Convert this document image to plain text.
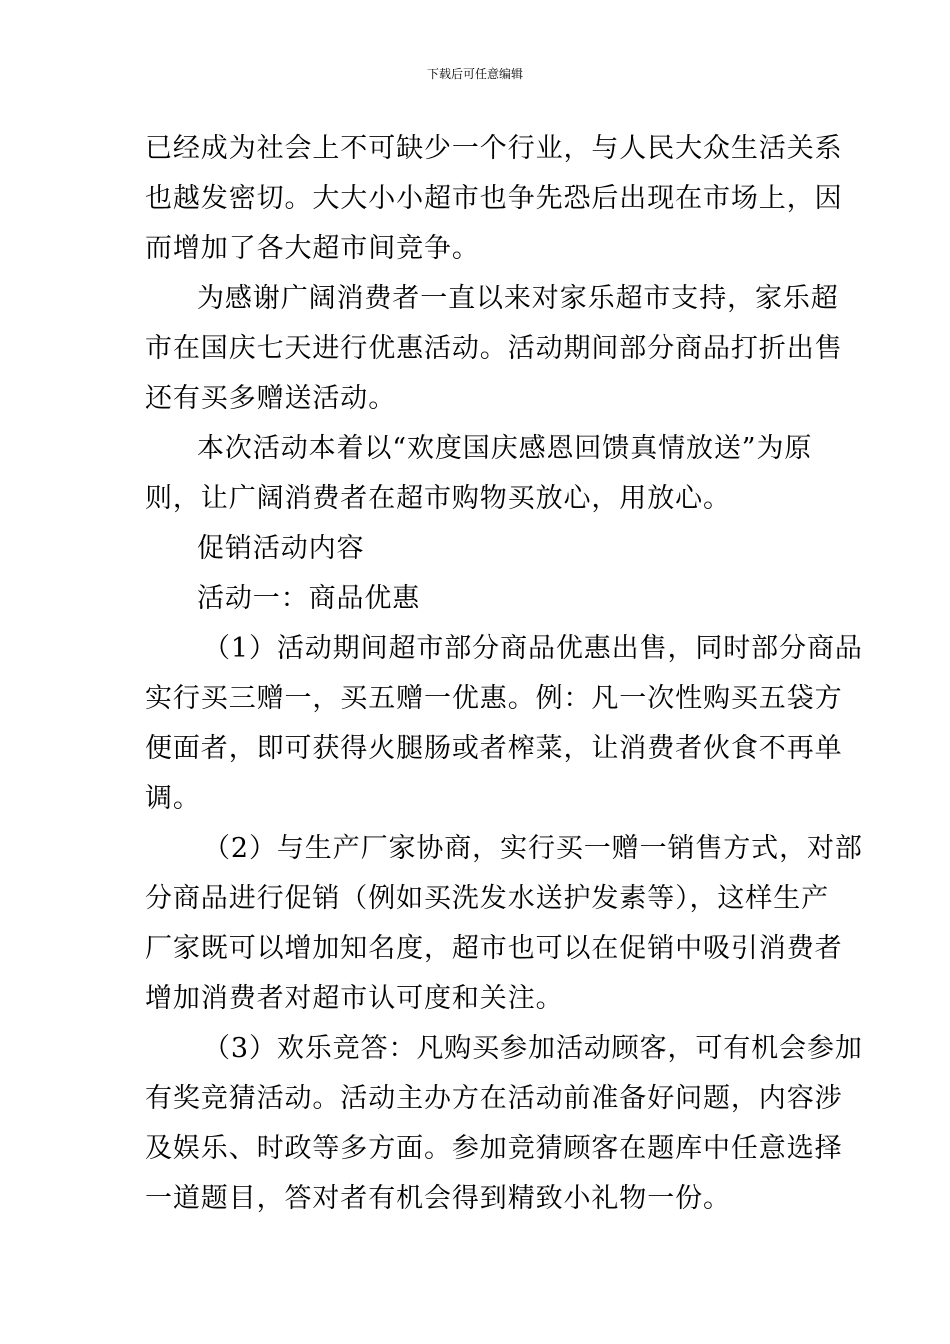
下载后可任意编辑
已经成为社会上不可缺少一个行业，与人民大众生活关系
也越发密切。大大小小超市也争先恐后出现在市场上，因
而增加了各大超市间竞争。
为感谢广阔消费者一直以来对家乐超市支持，家乐超
市在国庆七天进行优惠活动。活动期间部分商品打折出售
还有买多赠送活动。
本次活动本着以“欢度国庆感恩回馈真情放送”为原
则，让广阔消费者在超市购物买放心，用放心。
促销活动内容
活动一：商品优惠
（1）活动期间超市部分商品优惠出售，同时部分商品
实行买三赠一，买五赠一优惠。例：凡一次性购买五袋方
便面者，即可获得火腿肠或者榨菜，让消费者伙食不再单
调。
（2）与生产厂家协商，实行买一赠一销售方式，对部
分商品进行促销（例如买洗发水送护发素等），这样生产
厂家既可以增加知名度，超市也可以在促销中吸引消费者
增加消费者对超市认可度和关注。
（3）欢乐竞答：凡购买参加活动顾客，可有机会参加
有奖竞猜活动。活动主办方在活动前准备好问题，内容涉
及娱乐、时政等多方面。参加竞猜顾客在题库中任意选择
一道题目，答对者有机会得到精致小礼物一份。
